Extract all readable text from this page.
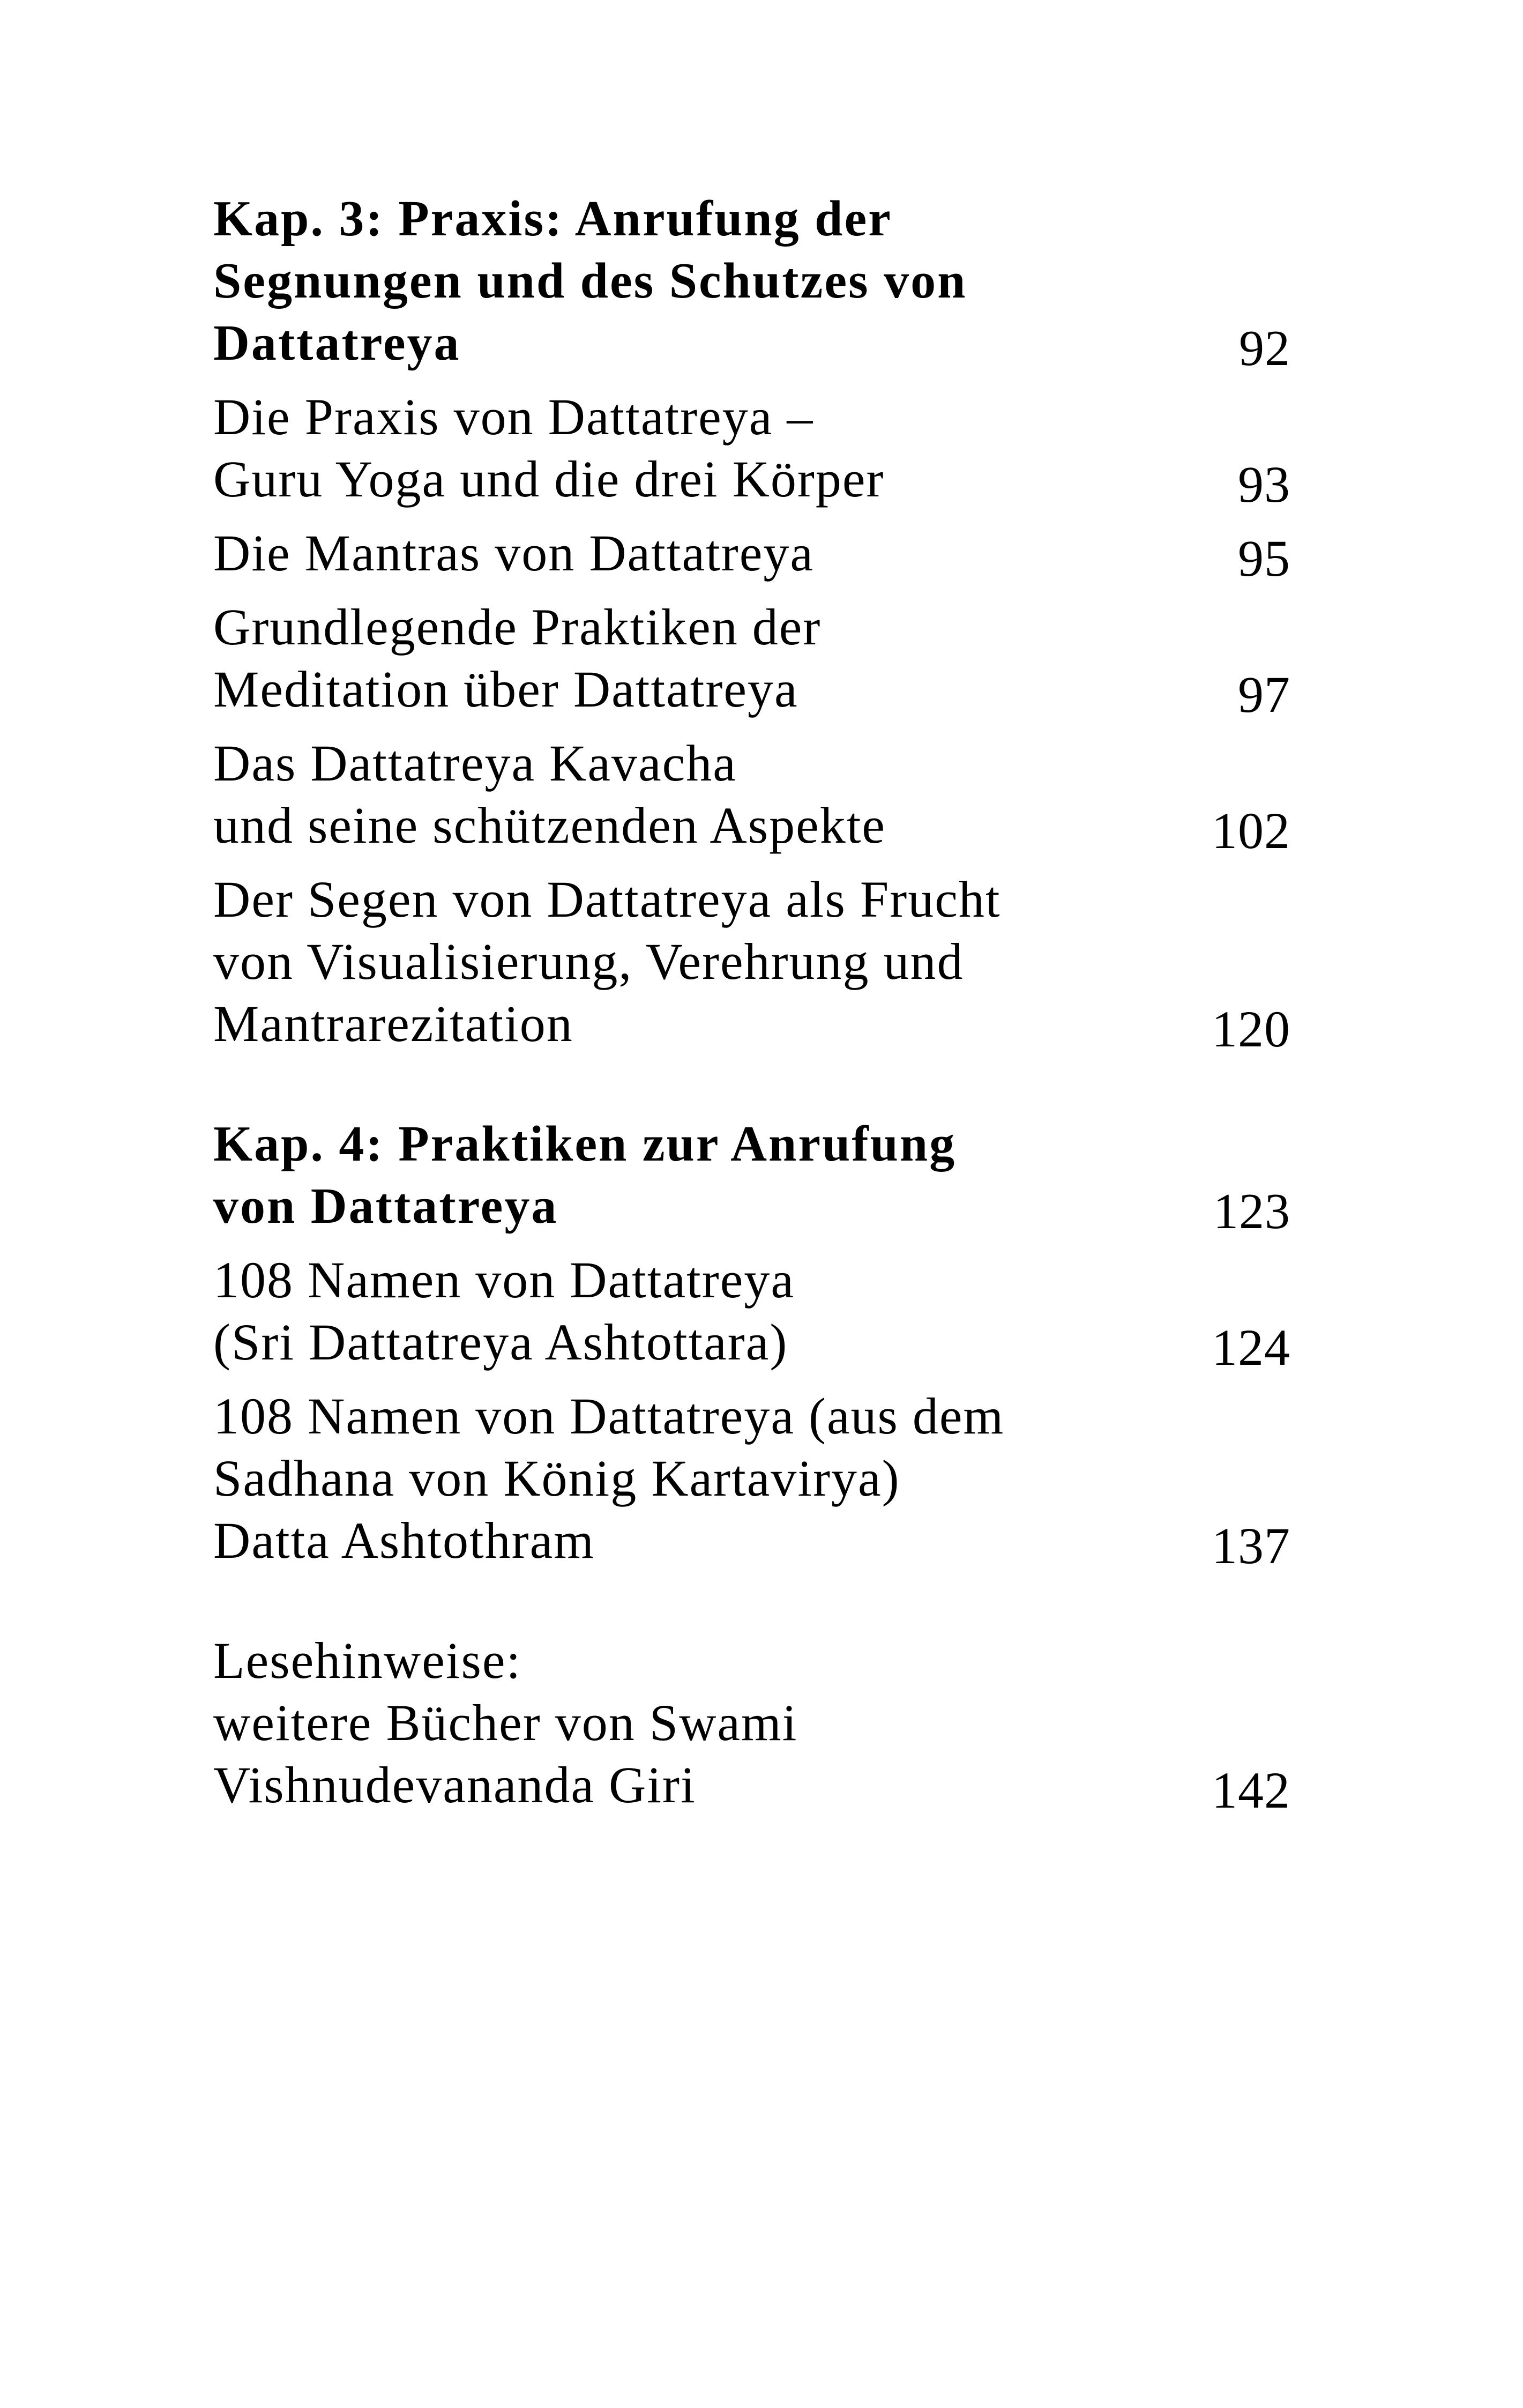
Kap. 3: Praxis: Anrufung der
Segnungen und des Schutzes von
Dattatreya	92
Die Praxis von Dattatreya –
Guru Yoga und die drei Körper	93
Die Mantras von Dattatreya	95
Grundlegende Praktiken der
Meditation über Dattatreya	97
Das Dattatreya Kavacha
und seine schützenden Aspekte	102
Der Segen von Dattatreya als Frucht
von Visualisierung, Verehrung und
Mantrarezitation	120
Kap. 4: Praktiken zur Anrufung
von Dattatreya	123
108 Namen von Dattatreya
(Sri Dattatreya Ashtottara)	124
108 Namen von Dattatreya (aus dem
Sadhana von König Kartavirya)
Datta Ashtothram	137
Lesehinweise:
weitere Bücher von Swami
Vishnudevananda Giri	142
